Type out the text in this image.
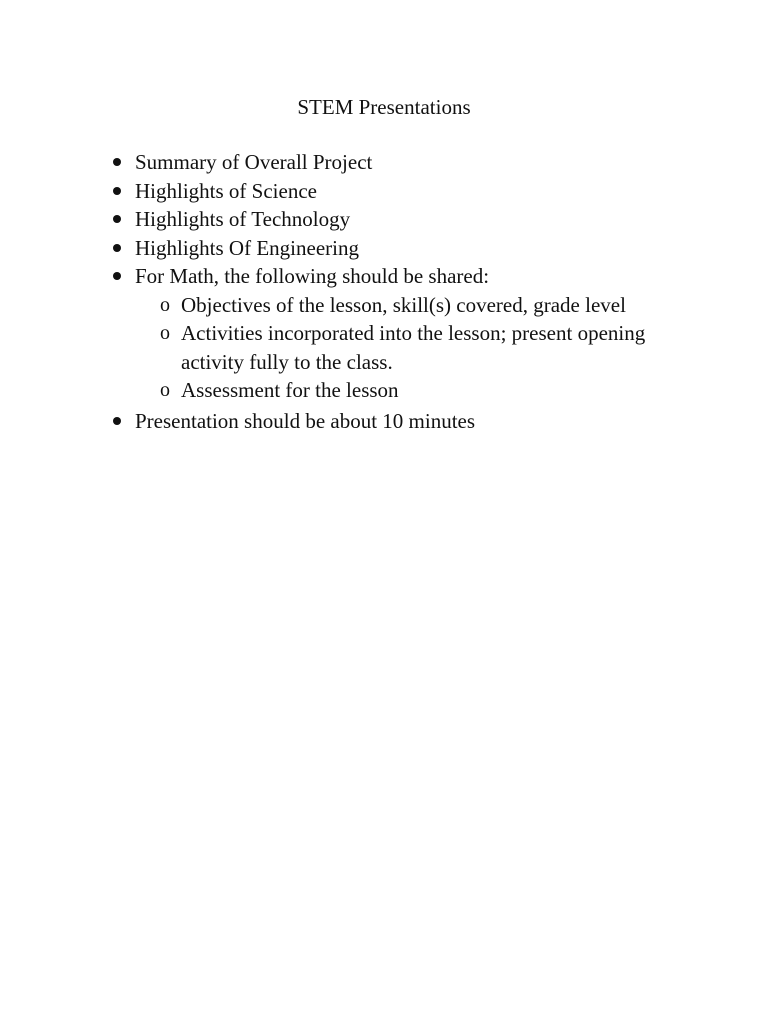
STEM Presentations
Summary of Overall Project
Highlights of Science
Highlights of Technology
Highlights Of Engineering
For Math, the following should be shared:
o Objectives of the lesson, skill(s) covered, grade level
o Activities incorporated into the lesson; present opening activity fully to the class.
o Assessment for the lesson
Presentation should be about 10 minutes
